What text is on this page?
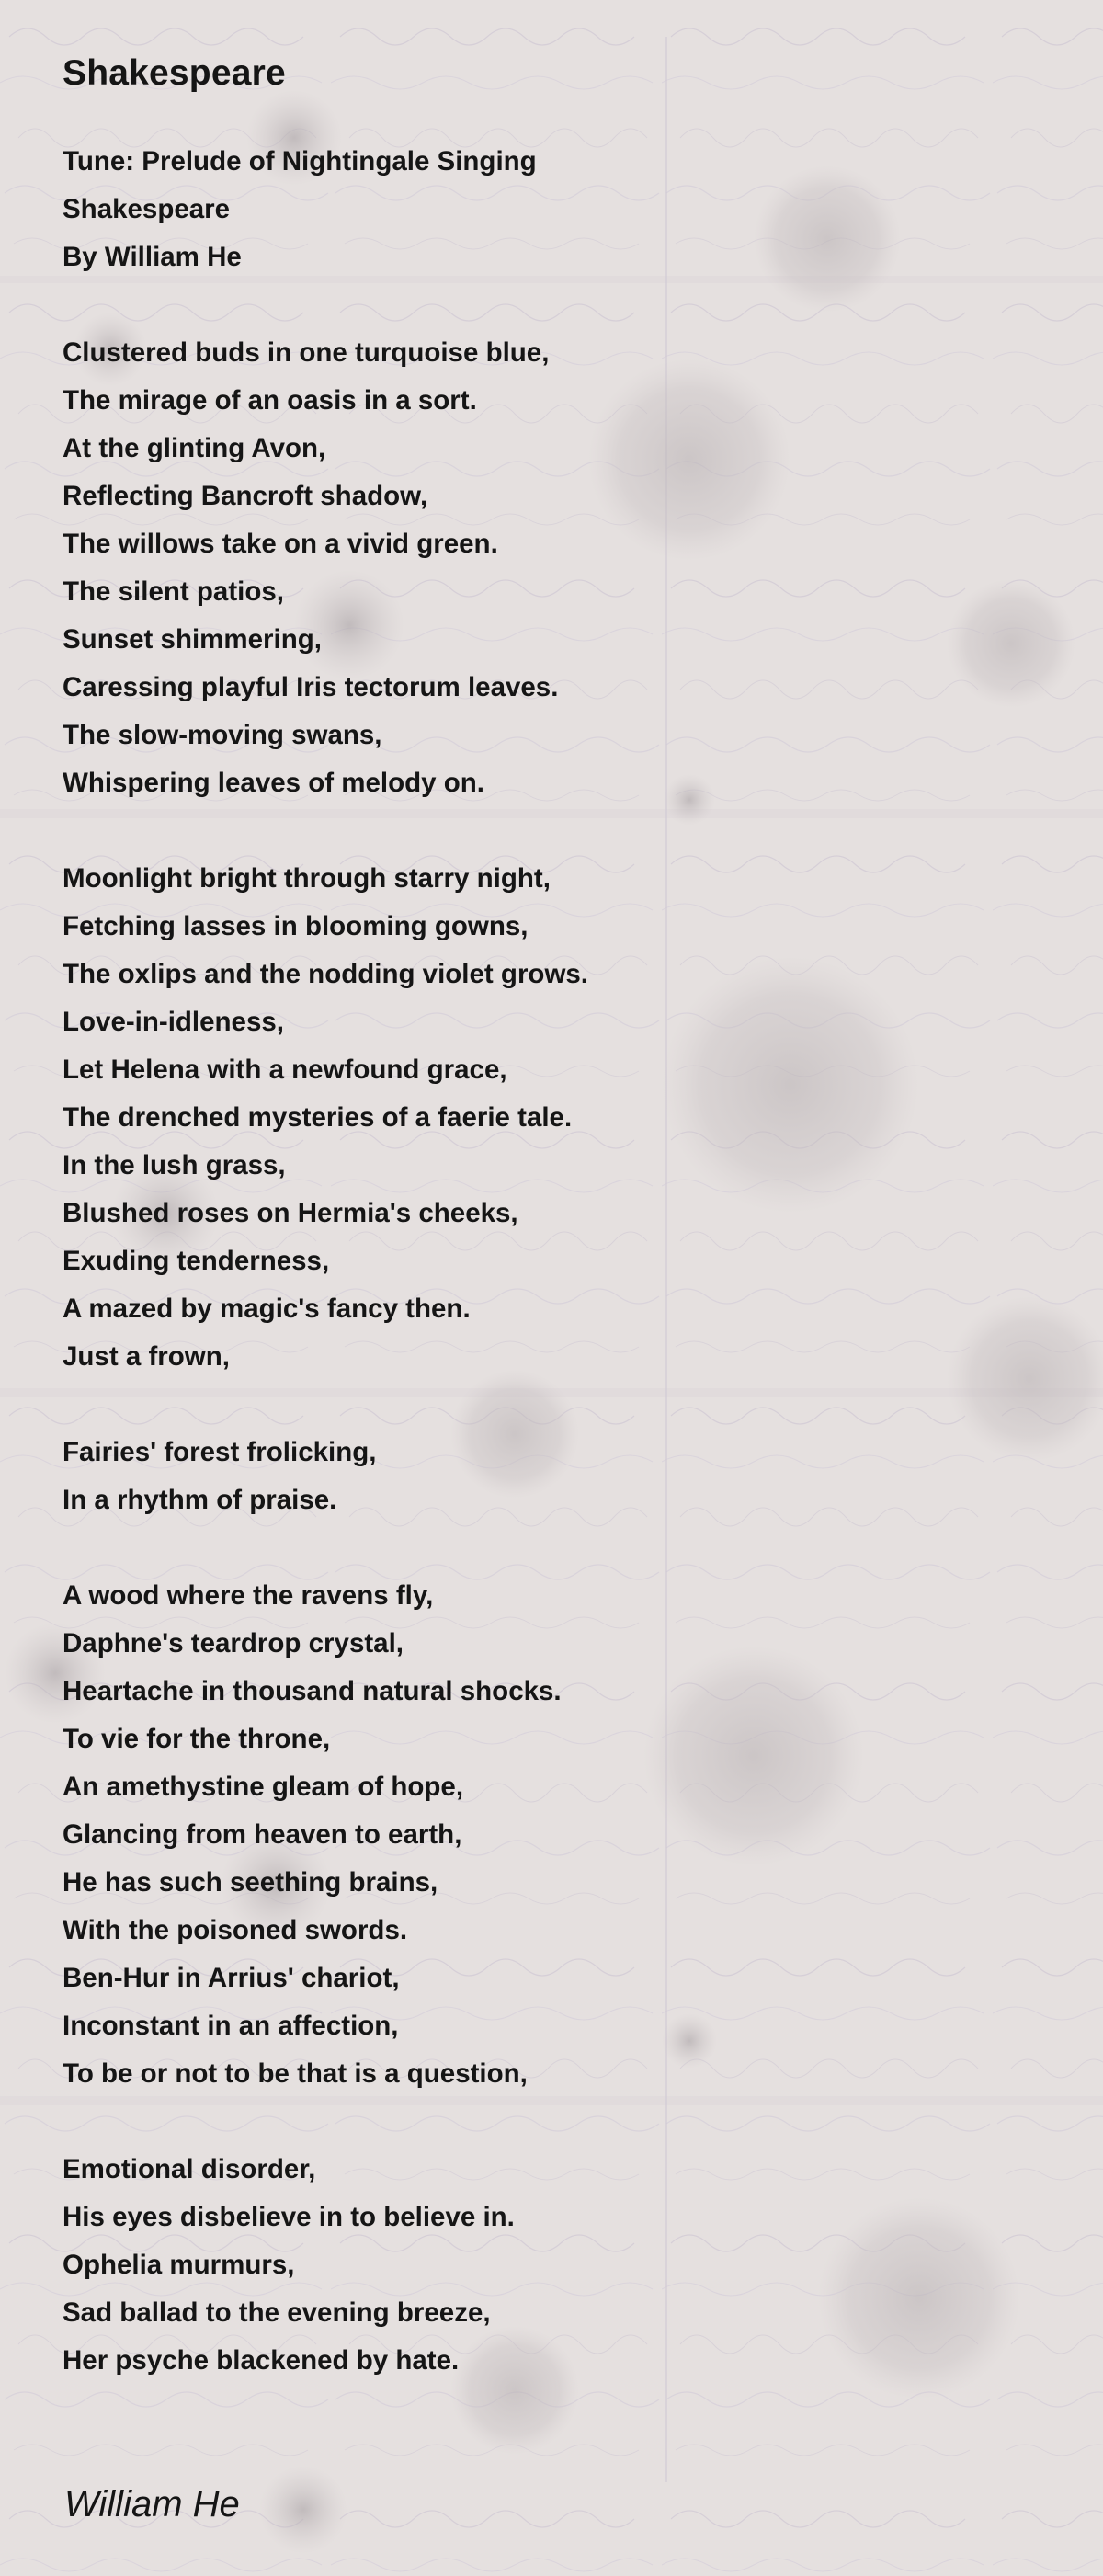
Shakespeare
Tune: Prelude of Nightingale Singing
Shakespeare
By William He
Clustered buds in one turquoise blue,
The mirage of an oasis in a sort.
At the glinting Avon,
Reflecting Bancroft shadow,
The willows take on a vivid green.
The silent patios,
Sunset shimmering,
Caressing playful Iris tectorum leaves.
The slow-moving swans,
Whispering leaves of melody on.
Moonlight bright through starry night,
Fetching lasses in blooming gowns,
The oxlips and the nodding violet grows.
Love-in-idleness,
Let Helena with a newfound grace,
The drenched mysteries of a faerie tale.
In the lush grass,
Blushed roses on Hermia's cheeks,
Exuding tenderness,
A mazed by magic's fancy then.
Just a frown,
Fairies' forest frolicking,
In a rhythm of praise.
A wood where the ravens fly,
Daphne's teardrop crystal,
Heartache in thousand natural shocks.
To vie for the throne,
An amethystine gleam of hope,
Glancing from heaven to earth,
He has such seething brains,
With the poisoned swords.
Ben-Hur in Arrius' chariot,
Inconstant in an affection,
To be or not to be that is a question,
Emotional disorder,
His eyes disbelieve in to believe in.
Ophelia murmurs,
Sad ballad to the evening breeze,
Her psyche blackened by hate.
William He
